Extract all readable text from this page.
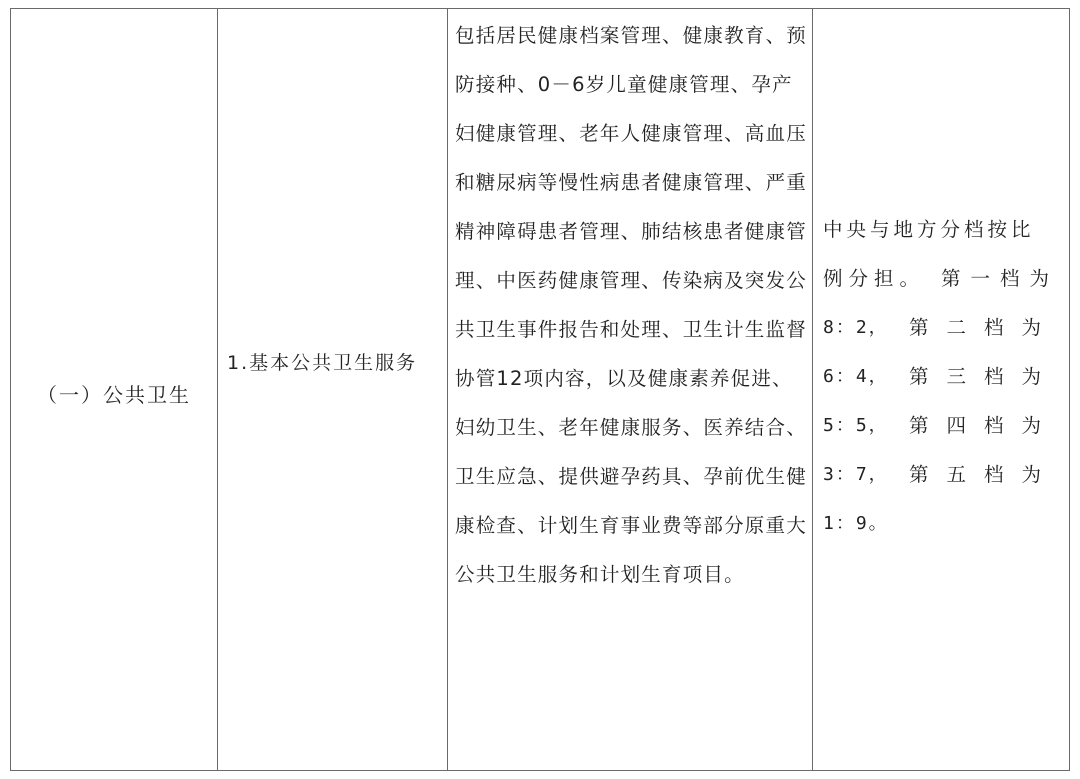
（一）公共卫生
1.基本公共卫生服务
包括居民健康档案管理、健康教育、预防接种、0－6岁儿童健康管理、孕产妇健康管理、老年人健康管理、高血压和糖尿病等慢性病患者健康管理、严重精神障碍患者管理、肺结核患者健康管理、中医药健康管理、传染病及突发公共卫生事件报告和处理、卫生计生监督协管12项内容，以及健康素养促进、妇幼卫生、老年健康服务、医养结合、卫生应急、提供避孕药具、孕前优生健康检查、计划生育事业费等部分原重大公共卫生服务和计划生育项目。
中央与地方分档按比
例分担。 第一档为
8：2， 第二档为
6：4， 第三档为
5：5， 第四档为
3：7， 第五档为
1：9。
